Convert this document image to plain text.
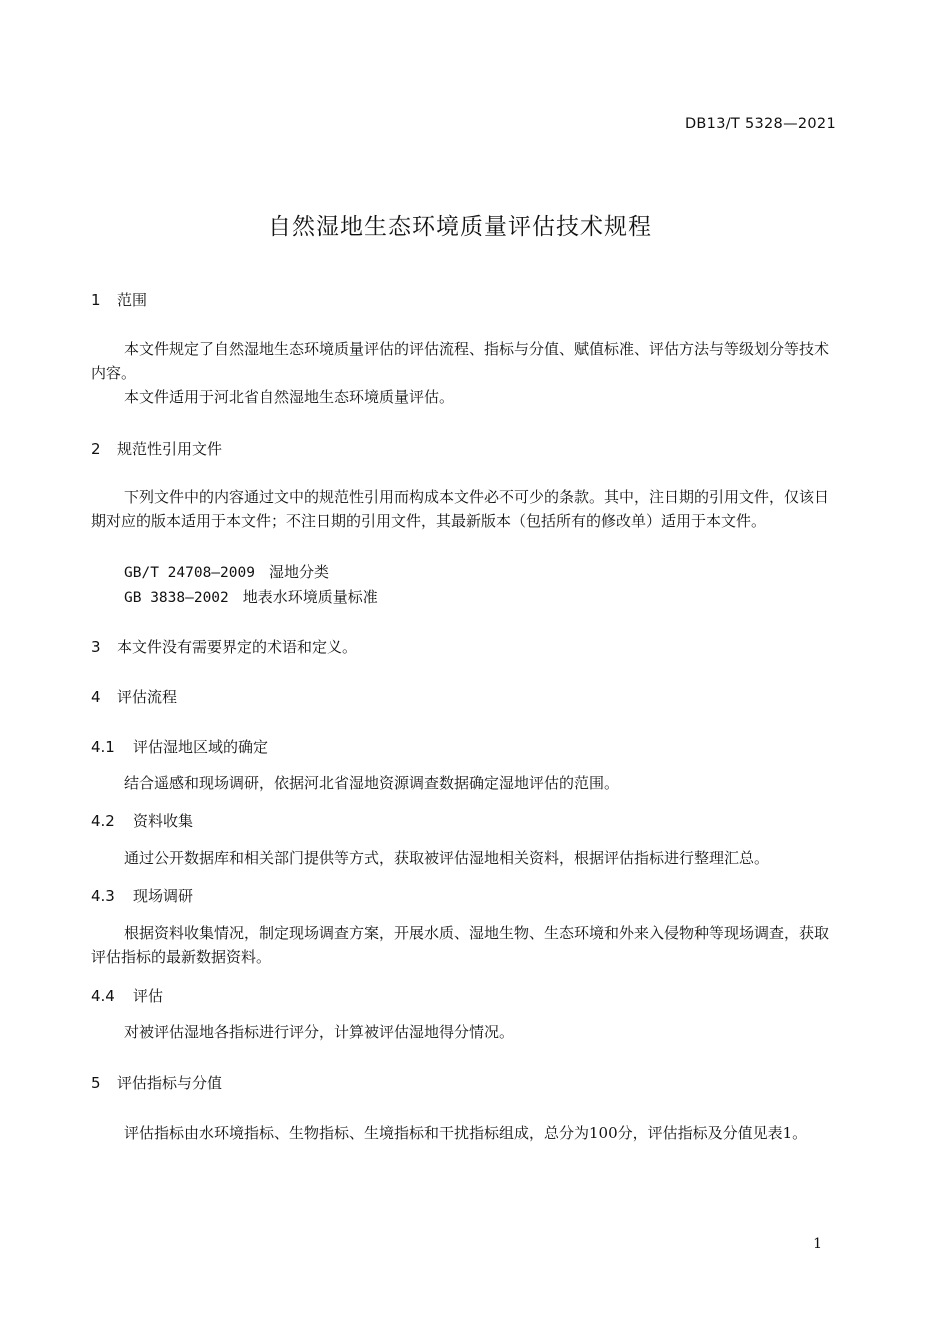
DB13/T 5328—2021
自然湿地生态环境质量评估技术规程
1 范围
本文件规定了自然湿地生态环境质量评估的评估流程、指标与分值、赋值标准、评估方法与等级划分等技术内容。
本文件适用于河北省自然湿地生态环境质量评估。
2 规范性引用文件
下列文件中的内容通过文中的规范性引用而构成本文件必不可少的条款。其中，注日期的引用文件，仅该日期对应的版本适用于本文件；不注日期的引用文件，其最新版本（包括所有的修改单）适用于本文件。
GB/T 24708—2009 湿地分类
GB 3838—2002 地表水环境质量标准
3 本文件没有需要界定的术语和定义。
4 评估流程
4.1 评估湿地区域的确定
结合遥感和现场调研，依据河北省湿地资源调查数据确定湿地评估的范围。
4.2 资料收集
通过公开数据库和相关部门提供等方式，获取被评估湿地相关资料，根据评估指标进行整理汇总。
4.3 现场调研
根据资料收集情况，制定现场调查方案，开展水质、湿地生物、生态环境和外来入侵物种等现场调查，获取评估指标的最新数据资料。
4.4 评估
对被评估湿地各指标进行评分，计算被评估湿地得分情况。
5 评估指标与分值
评估指标由水环境指标、生物指标、生境指标和干扰指标组成，总分为100分，评估指标及分值见表1。
1
